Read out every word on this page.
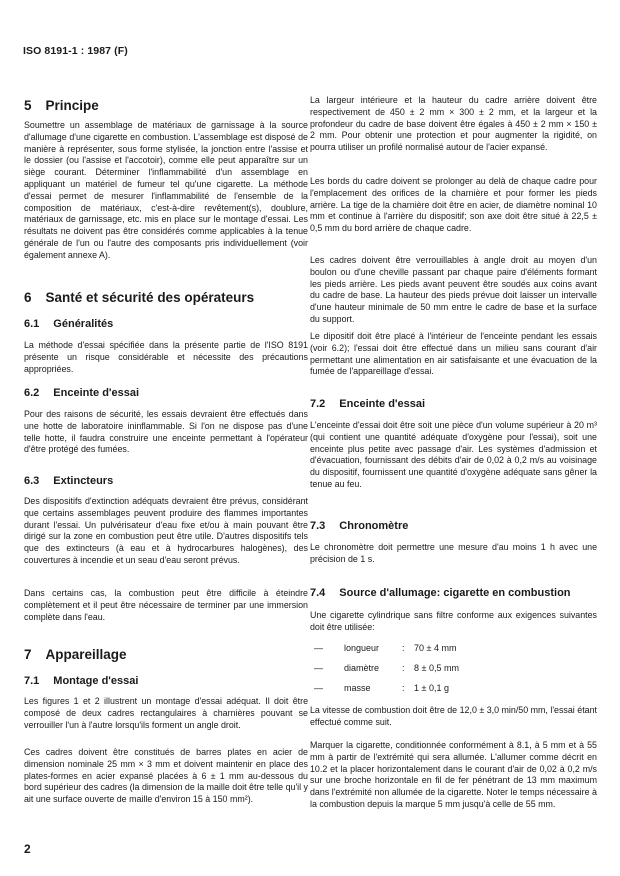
ISO 8191-1 : 1987 (F)
5 Principe

Soumettre un assemblage de matériaux de garnissage à la source d'allumage d'une cigarette en combustion. L'assemblage est disposé de manière à représenter, sous forme stylisée, la jonction entre l'assise et le dossier (ou l'assise et l'accotoir), comme elle peut apparaître sur un siège courant. Déterminer l'inflammabilité d'un assemblage en appliquant un matériel de fumeur tel qu'une cigarette. La méthode d'essai permet de mesurer l'inflammabilité de l'ensemble de la composition de matériaux, c'est-à-dire revêtement(s), doublure, matériaux de garnissage, etc. mis en place sur le montage d'essai. Les résultats ne doivent pas être considérés comme applicables à la tenue générale de l'un ou l'autre des composants pris individuellement (voir également annexe A).

6 Santé et sécurité des opérateurs
6.1 Généralités

La méthode d'essai spécifiée dans la présente partie de l'ISO 8191 présente un risque considérable et nécessite des précautions appropriées.

6.2 Enceinte d'essai

Pour des raisons de sécurité, les essais devraient être effectués dans une hotte de laboratoire ininflammable. Si l'on ne dispose pas d'une telle hotte, il faudra construire une enceinte permettant à l'opérateur d'être protégé des fumées.

6.3 Extincteurs

Des dispositifs d'extinction adéquats devraient être prévus, considérant que certains assemblages peuvent produire des flammes importantes durant l'essai. Un pulvérisateur d'eau fixe et/ou à main pouvant être dirigé sur la zone en combustion peut être utile. D'autres dispositifs tels que des extincteurs (à eau et à hydrocarbures halogènes), des couvertures à incendie et un seau d'eau seront prévus.

Dans certains cas, la combustion peut être difficile à éteindre complètement et il peut être nécessaire de terminer par une immersion complète dans l'eau.

7 Appareillage
7.1 Montage d'essai

Les figures 1 et 2 illustrent un montage d'essai adéquat. Il doit être composé de deux cadres rectangulaires à charnières pouvant se verrouiller l'un à l'autre lorsqu'ils forment un angle droit.

Ces cadres doivent être constitués de barres plates en acier de dimension nominale 25 mm × 3 mm et doivent maintenir en place des plates-formes en acier expansé placées à 6 ± 1 mm au-dessous du bord supérieur des cadres (la dimension de la maille doit être telle qu'il y ait une surface ouverte de maille d'environ 15 à 150 mm²).

La largeur intérieure et la hauteur du cadre arrière doivent être respectivement de 450 ± 2 mm × 300 ± 2 mm, et la largeur et la profondeur du cadre de base doivent être égales à 450 ± 2 mm × 150 ± 2 mm. Pour obtenir une protection et pour augmenter la rigidité, on pourra utiliser un profilé normalisé autour de l'acier expansé.

Les bords du cadre doivent se prolonger au delà de chaque cadre pour l'emplacement des orifices de la charnière et pour former les pieds arrière. La tige de la charnière doit être en acier, de diamètre nominal 10 mm et continue à l'arrière du dispositif; son axe doit être situé à 22,5 ± 0,5 mm du bord arrière de chaque cadre.

Les cadres doivent être verrouillables à angle droit au moyen d'un boulon ou d'une cheville passant par chaque paire d'éléments formant les pieds arrière. Les pieds avant peuvent être soudés aux coins avant du cadre de base. La hauteur des pieds prévue doit laisser un intervalle d'une hauteur minimale de 50 mm entre le cadre de base et la surface du support.

Le dipositif doit être placé à l'intérieur de l'enceinte pendant les essais (voir 6.2); l'essai doit être effectué dans un milieu sans courant d'air permettant une alimentation en air satisfaisante et une évacuation de la fumée de l'appareillage d'essai.

7.2 Enceinte d'essai

L'enceinte d'essai doit être soit une pièce d'un volume supérieur à 20 m³ (qui contient une quantité adéquate d'oxygène pour l'essai), soit une enceinte plus petite avec passage d'air. Les systèmes d'admission et d'évacuation, fournissant des débits d'air de 0,02 à 0,2 m/s au voisinage du dispositif, fournissent une quantité d'oxygène adéquate sans gêner la tenue au feu.

7.3 Chronomètre

Le chronomètre doit permettre une mesure d'au moins 1 h avec une précision de 1 s.

7.4 Source d'allumage: cigarette en combustion

Une cigarette cylindrique sans filtre conforme aux exigences suivantes doit être utilisée:

—	longueur	:	70 ± 4 mm
—	diamètre	:	8 ± 0,5 mm
—	masse	:	1 ± 0,1 g

La vitesse de combustion doit être de 12,0 ± 3,0 min/50 mm, l'essai étant effectué comme suit.

Marquer la cigarette, conditionnée conformément à 8.1, à 5 mm et à 55 mm à partir de l'extrémité qui sera allumée. L'allumer comme décrit en 10.2 et la placer horizontalement dans le courant d'air de 0,02 à 0,2 m/s sur une broche horizontale en fil de fer pénétrant de 13 mm maximum dans l'extrémité non allumée de la cigarette. Noter le temps nécessaire à la combustion depuis la marque 5 mm jusqu'à celle de 55 mm.

2
